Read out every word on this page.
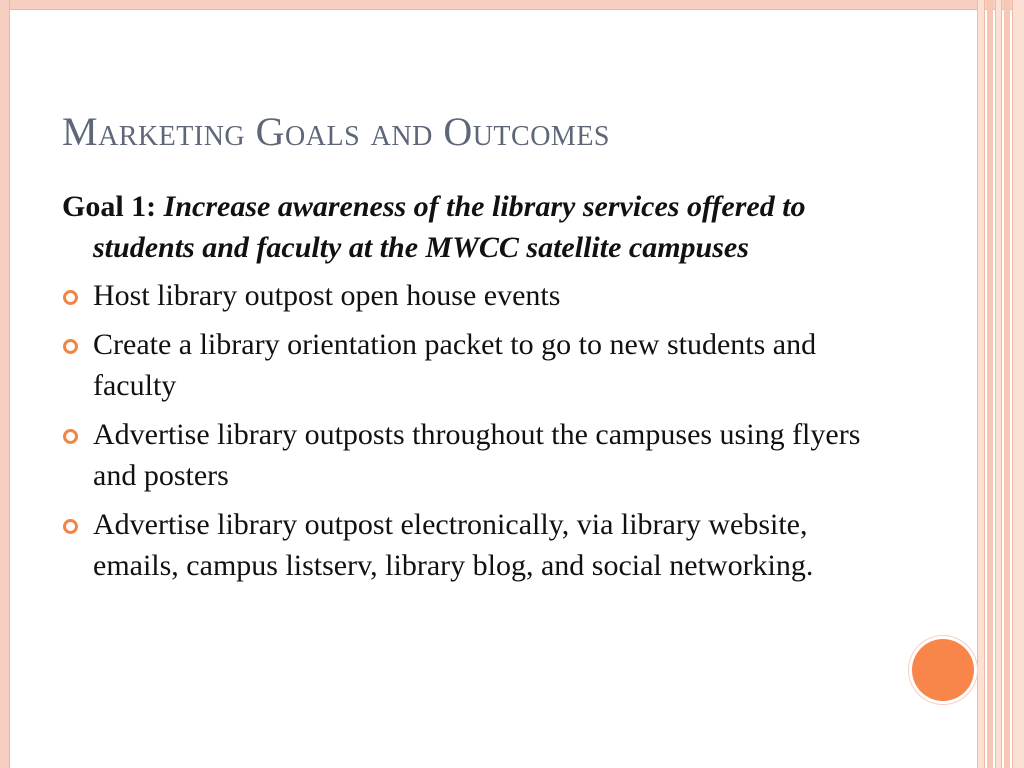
Marketing Goals and Outcomes
Goal 1: Increase awareness of the library services offered to students and faculty at the MWCC satellite campuses
Host library outpost open house events
Create a library orientation packet to go to new students and faculty
Advertise library outposts throughout the campuses using flyers and posters
Advertise library outpost electronically, via library website, emails, campus listserv, library blog, and social networking.
